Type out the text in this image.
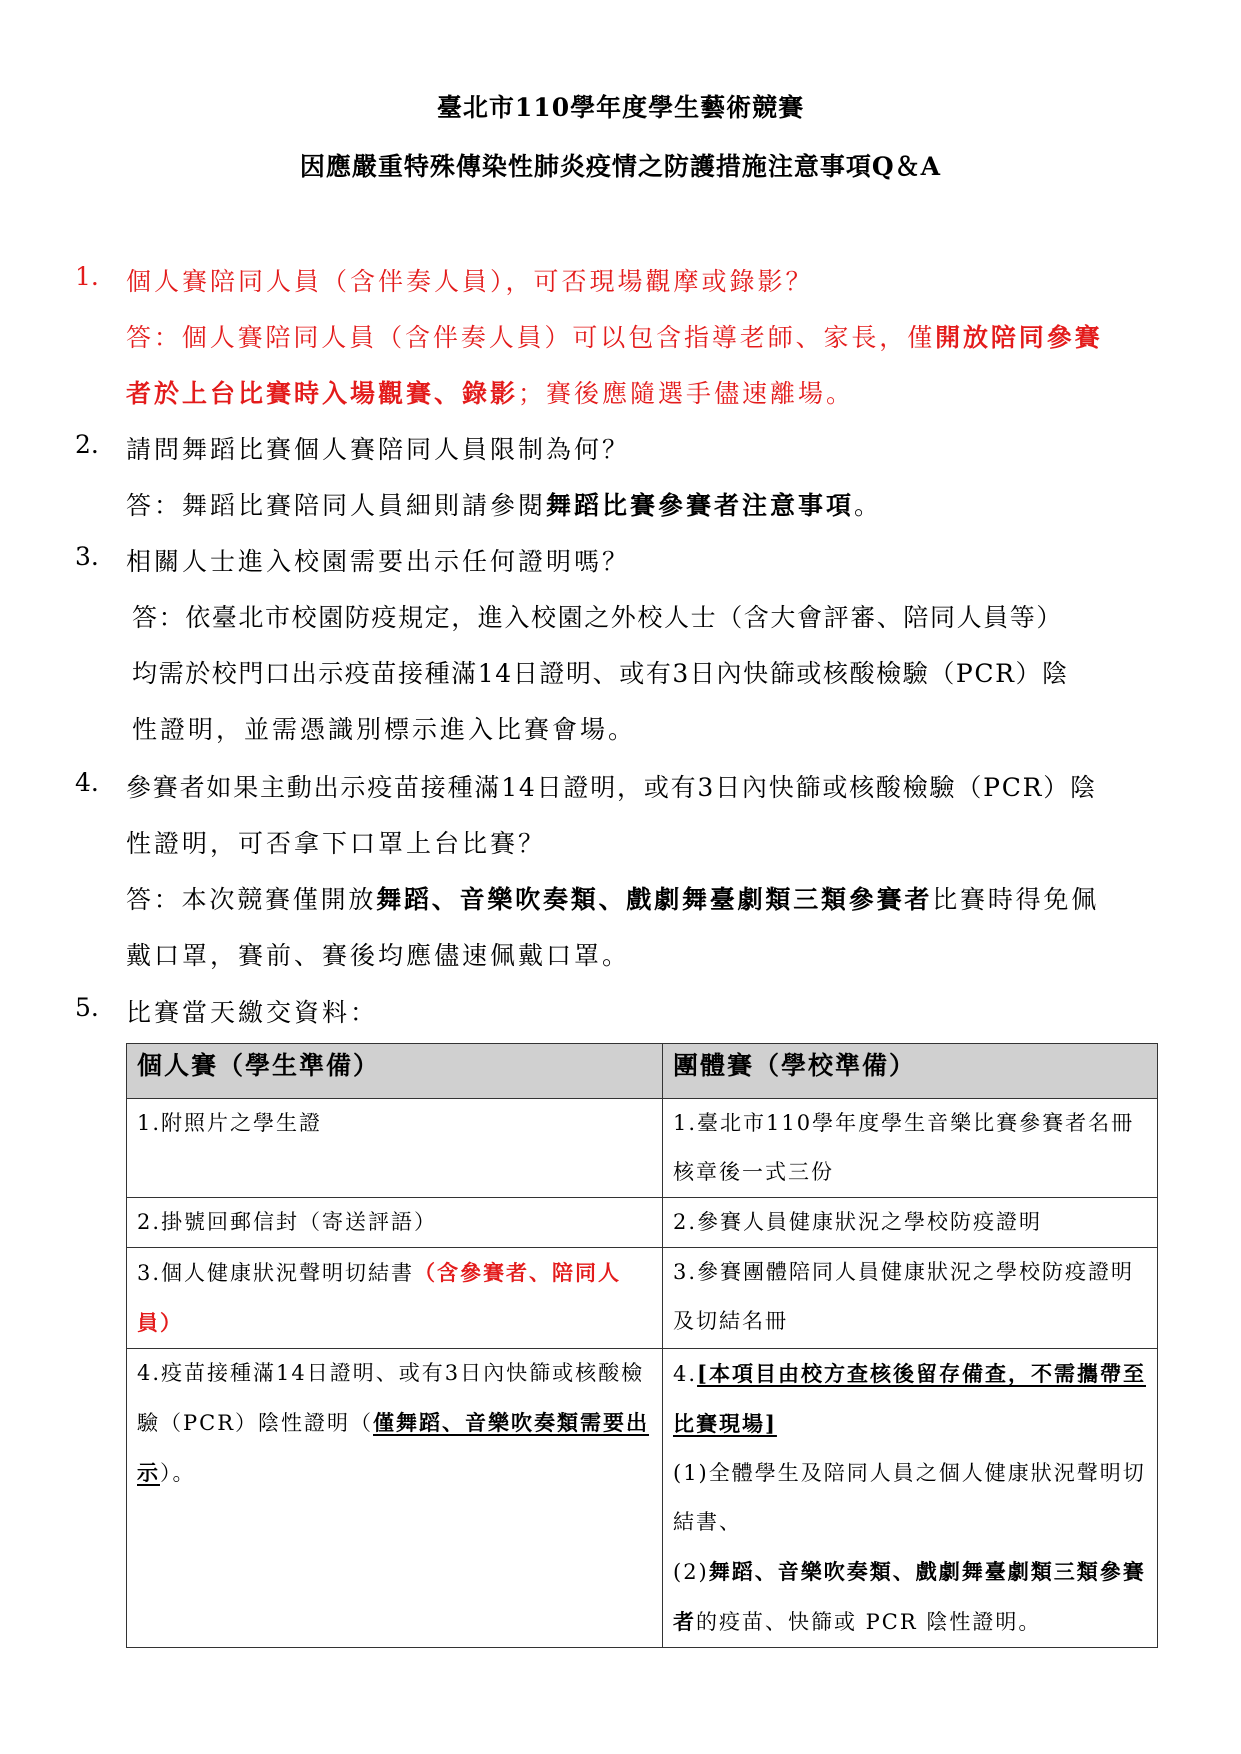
臺北市110學年度學生藝術競賽
因應嚴重特殊傳染性肺炎疫情之防護措施注意事項Q＆A
1. 個人賽陪同人員（含伴奏人員），可否現場觀摩或錄影？
答：個人賽陪同人員（含伴奏人員）可以包含指導老師、家長，僅開放陪同參賽
者於上台比賽時入場觀賽、錄影；賽後應隨選手儘速離場。
2. 請問舞蹈比賽個人賽陪同人員限制為何？
答：舞蹈比賽陪同人員細則請參閱舞蹈比賽參賽者注意事項。
3. 相關人士進入校園需要出示任何證明嗎？
答：依臺北市校園防疫規定，進入校園之外校人士（含大會評審、陪同人員等）
均需於校門口出示疫苗接種滿14日證明、或有3日內快篩或核酸檢驗（PCR）陰
性證明，並需憑識別標示進入比賽會場。
4. 參賽者如果主動出示疫苗接種滿14日證明，或有3日內快篩或核酸檢驗（PCR）陰
性證明，可否拿下口罩上台比賽？
答：本次競賽僅開放舞蹈、音樂吹奏類、戲劇舞臺劇類三類參賽者比賽時得免佩
戴口罩，賽前、賽後均應儘速佩戴口罩。
5. 比賽當天繳交資料：
個人賽（學生準備）	團體賽（學校準備）
1.附照片之學生證	1.臺北市110學年度學生音樂比賽參賽者名冊核章後一式三份
2.掛號回郵信封（寄送評語）	2.參賽人員健康狀況之學校防疫證明
3.個人健康狀況聲明切結書（含參賽者、陪同人員）	3.參賽團體陪同人員健康狀況之學校防疫證明及切結名冊
4.疫苗接種滿14日證明、或有3日內快篩或核酸檢驗（PCR）陰性證明（僅舞蹈、音樂吹奏類需要出示）。	4.[本項目由校方查核後留存備查，不需攜帶至比賽現場]
(1)全體學生及陪同人員之個人健康狀況聲明切結書、
(2)舞蹈、音樂吹奏類、戲劇舞臺劇類三類參賽者的疫苗、快篩或 PCR 陰性證明。
